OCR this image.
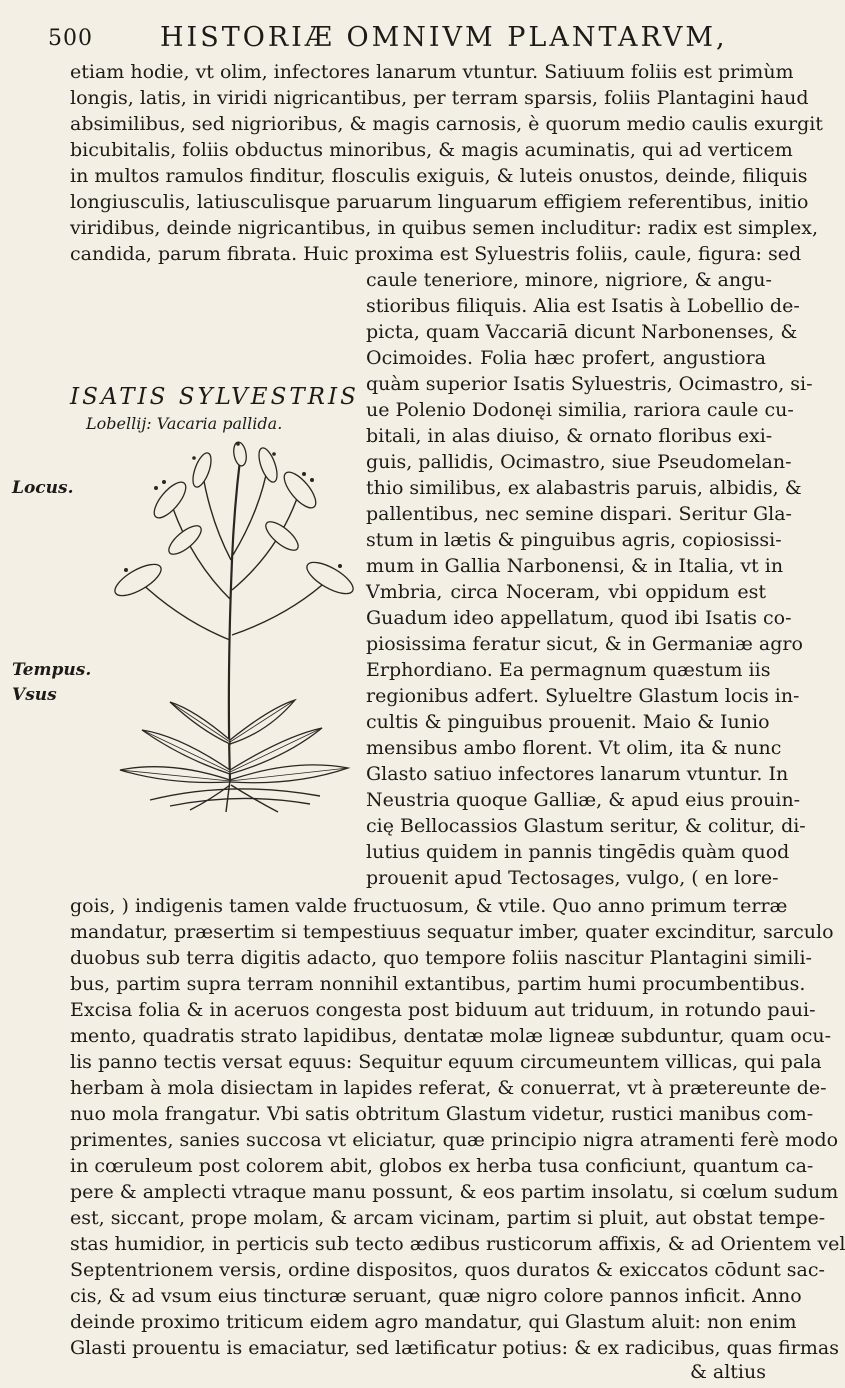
500 HISTORIÆ OMNIVM PLANTARVM,
etiam hodie, vt olim, infectores lanarum vtuntur. Satiuum foliis est primùm
longis, latis, in viridi nigricantibus, per terram sparsis, foliis Plantagini haud
absimilibus, sed nigrioribus, & magis carnosis, è quorum medio caulis exurgit
bicubitalis, foliis obductus minoribus, & magis acuminatis, qui ad verticem
in multos ramulos finditur, flosculis exiguis, & luteis onustos, deinde, filiquis
longiusculis, latiusculisque paruarum linguarum effigiem referentibus, initio
viridibus, deinde nigricantibus, in quibus semen includitur: radix est simplex,
candida, parum fibrata. Huic proxima est Syluestris foliis, caule, figura: sed
ISATIS SYLVESTRIS
Lobellij: Vacaria pallida.
Locus.
Tempus.
Vsus
caule teneriore, minore, nigriore, & angu-
stioribus filiquis. Alia est Isatis à Lobellio de-
picta, quam Vaccariā dicunt Narbonenses, &
Ocimoides. Folia hæc profert, angustiora
quàm superior Isatis Syluestris, Ocimastro, si-
ue Polenio Dodonęi similia, rariora caule cu-
bitali, in alas diuiso, & ornato floribus exi-
guis, pallidis, Ocimastro, siue Pseudomelan-
thio similibus, ex alabastris paruis, albidis, &
pallentibus, nec semine dispari. Seritur Gla-
stum in lætis & pinguibus agris, copiosissi-
mum in Gallia Narbonensi, & in Italia, vt in
Vmbria, circa Noceram, vbi oppidum est
Guadum ideo appellatum, quod ibi Isatis co-
piosissima feratur sicut, & in Germaniæ agro
Erphordiano. Ea permagnum quæstum iis
regionibus adfert. Sylueltre Glastum locis in-
cultis & pinguibus prouenit. Maio & Iunio
mensibus ambo florent. Vt olim, ita & nunc
Glasto satiuo infectores lanarum vtuntur. In
Neustria quoque Galliæ, & apud eius prouin-
cię Bellocassios Glastum seritur, & colitur, di-
lutius quidem in pannis tingēdis quàm quod
prouenit apud Tectosages, vulgo, ( en lore-
gois, ) indigenis tamen valde fructuosum, & vtile. Quo anno primum terræ
mandatur, præsertim si tempestiuus sequatur imber, quater excinditur, sarculo
duobus sub terra digitis adacto, quo tempore foliis nascitur Plantagini simili-
bus, partim supra terram nonnihil extantibus, partim humi procumbentibus.
Excisa folia & in aceruos congesta post biduum aut triduum, in rotundo paui-
mento, quadratis strato lapidibus, dentatæ molæ ligneæ subduntur, quam ocu-
lis panno tectis versat equus: Sequitur equum circumeuntem villicas, qui pala
herbam à mola disiectam in lapides referat, & conuerrat, vt à prætereunte de-
nuo mola frangatur. Vbi satis obtritum Glastum videtur, rustici manibus com-
primentes, sanies succosa vt eliciatur, quæ principio nigra atramenti ferè modo
in cœruleum post colorem abit, globos ex herba tusa conficiunt, quantum ca-
pere & amplecti vtraque manu possunt, & eos partim insolatu, si cœlum sudum
est, siccant, prope molam, & arcam vicinam, partim si pluit, aut obstat tempe-
stas humidior, in perticis sub tecto ædibus rusticorum affixis, & ad Orientem vel
Septentrionem versis, ordine dispositos, quos duratos & exiccatos cōdunt sac-
cis, & ad vsum eius tincturæ seruant, quæ nigro colore pannos inficit. Anno
deinde proximo triticum eidem agro mandatur, qui Glastum aluit: non enim
Glasti prouentu is emaciatur, sed lætificatur potius: & ex radicibus, quas firmas
& altius
